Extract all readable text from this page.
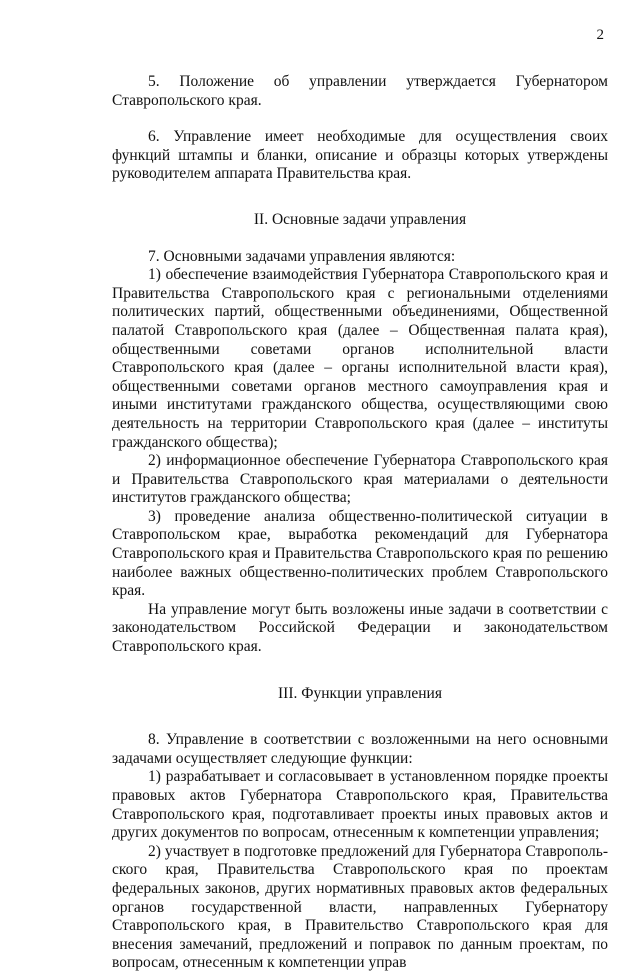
2

5. Положение об управлении утверждается Губернатором Ставропольского края.

6. Управление имеет необходимые для осуществления своих функций штампы и бланки, описание и образцы которых утверждены руководителем аппарата Правительства края.

II. Основные задачи управления

7. Основными задачами управления являются:

1) обеспечение взаимодействия Губернатора Ставропольского края и Правительства Ставропольского края с региональными отделениями политических партий, общественными объединениями, Общественной палатой Ставропольского края (далее – Общественная палата края), общественными советами органов исполнительной власти Ставропольского края (далее – органы исполнительной власти края), общественными советами органов местного самоуправления края и иными институтами гражданского общества, осуществляющими свою деятельность на территории Ставропольского края (далее – институты гражданского общества);

2) информационное обеспечение Губернатора Ставропольского края и Правительства Ставропольского края материалами о деятельности институтов гражданского общества;

3) проведение анализа общественно-политической ситуации в Ставропольском крае, выработка рекомендаций для Губернатора Ставропольского края и Правительства Ставропольского края по решению наиболее важных общественно-политических проблем Ставропольского края.

На управление могут быть возложены иные задачи в соответствии с законодательством Российской Федерации и законодательством Ставропольского края.

III. Функции управления

8. Управление в соответствии с возложенными на него основными задачами осуществляет следующие функции:

1) разрабатывает и согласовывает в установленном порядке проекты правовых актов Губернатора Ставропольского края, Правительства Ставропольского края, подготавливает проекты иных правовых актов и других документов по вопросам, отнесенным к компетенции управления;

2) участвует в подготовке предложений для Губернатора Ставропольского края, Правительства Ставропольского края по проектам федеральных законов, других нормативных правовых актов федеральных органов государственной власти, направленных Губернатору Ставропольского края, в Правительство Ставропольского края для внесения замечаний, предложений и поправок по данным проектам, по вопросам, отнесенным к компетенции управ
